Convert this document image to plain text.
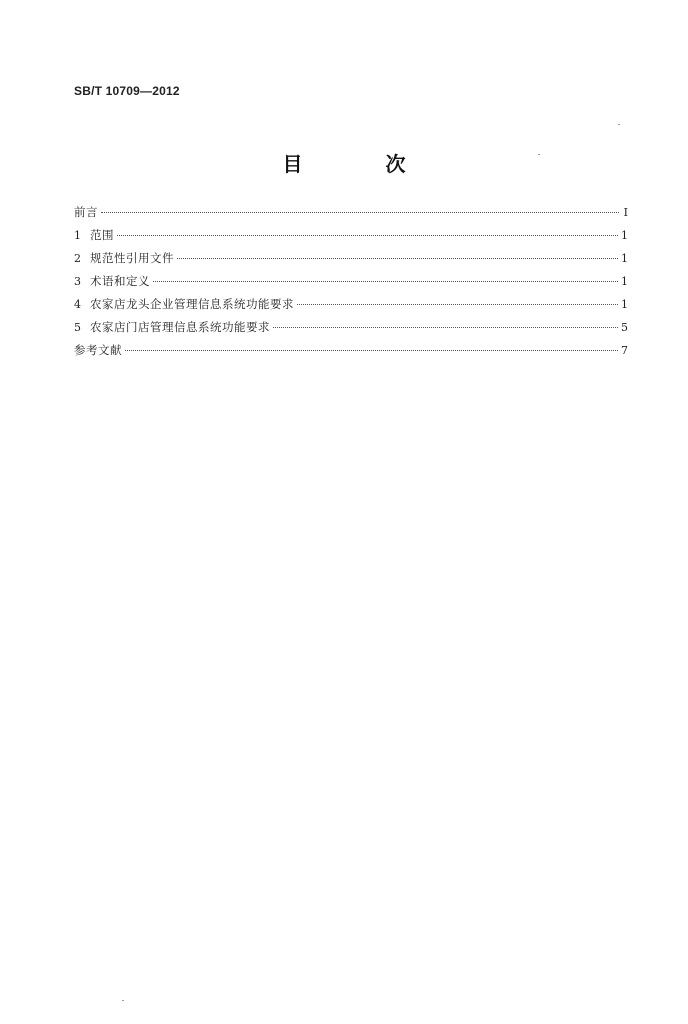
SB/T 10709—2012
目 次
前言	I
1 范围	1
2 规范性引用文件	1
3 术语和定义	1
4 农家店龙头企业管理信息系统功能要求	1
5 农家店门店管理信息系统功能要求	5
参考文献	7
